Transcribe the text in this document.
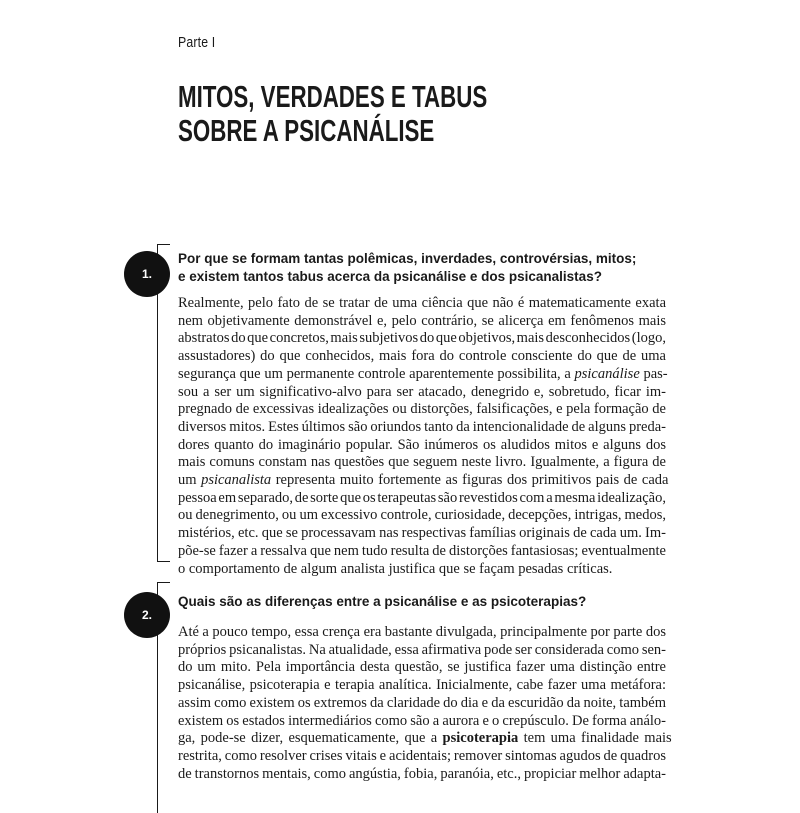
Parte I
MITOS, VERDADES E TABUS
SOBRE A PSICANÁLISE
1.
Por que se formam tantas polêmicas, inverdades, controvérsias, mitos;
e existem tantos tabus acerca da psicanálise e dos psicanalistas?
Realmente, pelo fato de se tratar de uma ciência que não é matematicamente exata
nem objetivamente demonstrável e, pelo contrário, se alicerça em fenômenos mais
abstratos do que concretos, mais subjetivos do que objetivos, mais desconhecidos (logo,
assustadores) do que conhecidos, mais fora do controle consciente do que de uma
segurança que um permanente controle aparentemente possibilita, a psicanálise pas-
sou a ser um significativo-alvo para ser atacado, denegrido e, sobretudo, ficar im-
pregnado de excessivas idealizações ou distorções, falsificações, e pela formação de
diversos mitos. Estes últimos são oriundos tanto da intencionalidade de alguns preda-
dores quanto do imaginário popular. São inúmeros os aludidos mitos e alguns dos
mais comuns constam nas questões que seguem neste livro. Igualmente, a figura de
um psicanalista representa muito fortemente as figuras dos primitivos pais de cada
pessoa em separado, de sorte que os terapeutas são revestidos com a mesma idealização,
ou denegrimento, ou um excessivo controle, curiosidade, decepções, intrigas, medos,
mistérios, etc. que se processavam nas respectivas famílias originais de cada um. Im-
põe-se fazer a ressalva que nem tudo resulta de distorções fantasiosas; eventualmente
o comportamento de algum analista justifica que se façam pesadas críticas.
2.
Quais são as diferenças entre a psicanálise e as psicoterapias?
Até a pouco tempo, essa crença era bastante divulgada, principalmente por parte dos
próprios psicanalistas. Na atualidade, essa afirmativa pode ser considerada como sen-
do um mito. Pela importância desta questão, se justifica fazer uma distinção entre
psicanálise, psicoterapia e terapia analítica. Inicialmente, cabe fazer uma metáfora:
assim como existem os extremos da claridade do dia e da escuridão da noite, também
existem os estados intermediários como são a aurora e o crepúsculo. De forma análo-
ga, pode-se dizer, esquematicamente, que a psicoterapia tem uma finalidade mais
restrita, como resolver crises vitais e acidentais; remover sintomas agudos de quadros
de transtornos mentais, como angústia, fobia, paranóia, etc., propiciar melhor adapta-
